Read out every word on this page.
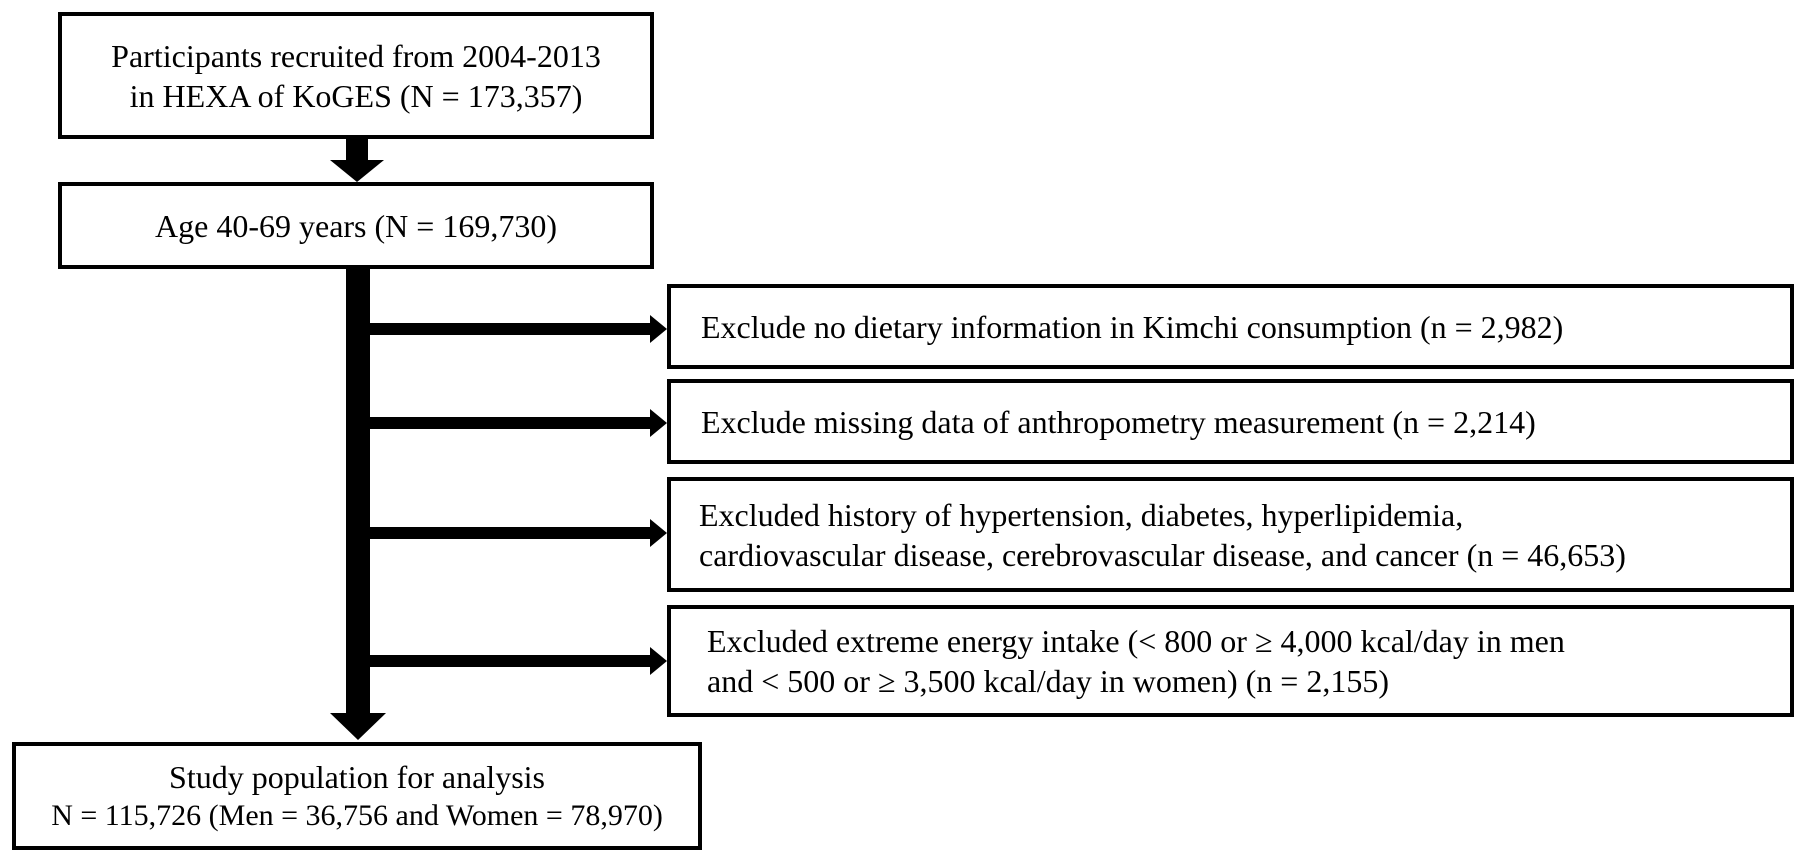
Participants recruited from 2004-2013
in HEXA of KoGES (N = 173,357)
Age 40-69 years (N = 169,730)
Exclude no dietary information in Kimchi consumption (n = 2,982)
Exclude missing data of anthropometry measurement (n = 2,214)
Excluded history of hypertension, diabetes, hyperlipidemia,
cardiovascular disease, cerebrovascular disease, and cancer (n = 46,653)
Excluded extreme energy intake (< 800 or ≥ 4,000 kcal/day in men
and < 500 or ≥ 3,500 kcal/day in women) (n = 2,155)
Study population for analysis
N = 115,726 (Men = 36,756 and Women = 78,970)
